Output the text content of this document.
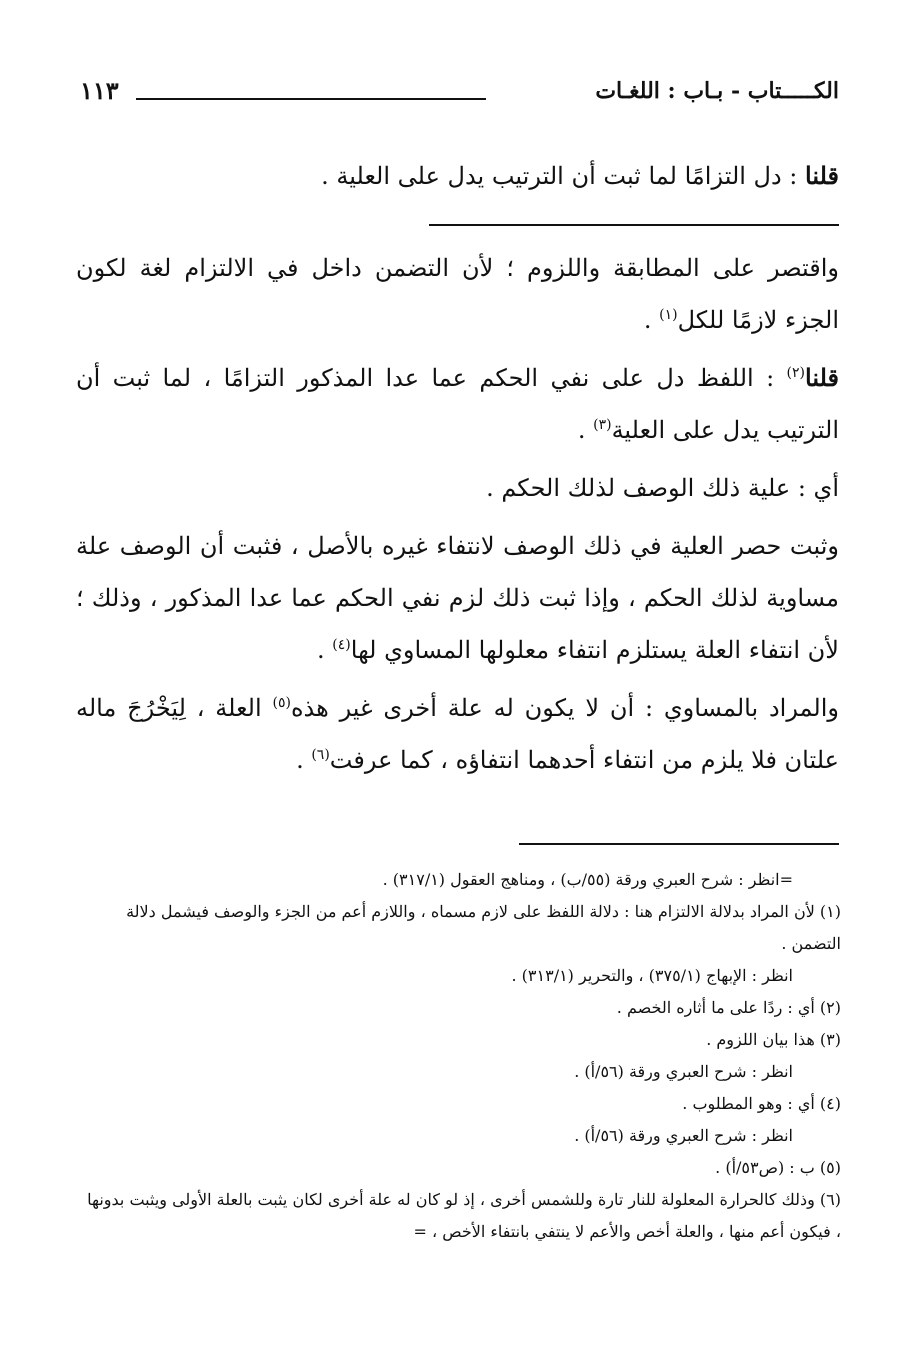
الكـــــتاب - بـاب : اللغـات
١١٣

قلنا : دل التزامًا لما ثبت أن الترتيب يدل على العلية .

واقتصر على المطابقة واللزوم ؛ لأن التضمن داخل في الالتزام لغة لكون الجزء لازمًا للكل$^{(١)}$ .

قلنا$^{(٢)}$ : اللفظ دل على نفي الحكم عما عدا المذكور التزامًا ، لما ثبت أن الترتيب يدل على العلية$^{(٣)}$ .

أي : علية ذلك الوصف لذلك الحكم .

وثبت حصر العلية في ذلك الوصف لانتفاء غيره بالأصل ، فثبت أن الوصف علة مساوية لذلك الحكم ، وإذا ثبت ذلك لزم نفي الحكم عما عدا المذكور ، وذلك ؛ لأن انتفاء العلة يستلزم انتفاء معلولها المساوي لها$^{(٤)}$ .

والمراد بالمساوي : أن لا يكون له علة أخرى غير هذه$^{(٥)}$ العلة ، لِيَخْرُجَ ماله علتان فلا يلزم من انتفاء أحدهما انتفاؤه ، كما عرفت$^{(٦)}$ .

=انظر : شرح العبري ورقة (٥٥/ب) ، ومناهج العقول (٣١٧/١) .
(١) لأن المراد بدلالة الالتزام هنا : دلالة اللفظ على لازم مسماه ، واللازم أعم من الجزء والوصف فيشمل دلالة التضمن .
انظر : الإبهاج (٣٧٥/١) ، والتحرير (٣١٣/١) .
(٢) أي : ردًا على ما أثاره الخصم .
(٣) هذا بيان اللزوم .
انظر : شرح العبري ورقة (٥٦/أ) .
(٤) أي : وهو المطلوب .
انظر : شرح العبري ورقة (٥٦/أ) .
(٥) ب : (ص٥٣/أ) .
(٦) وذلك كالحرارة المعلولة للنار تارة وللشمس أخرى ، إذ لو كان له علة أخرى لكان يثبت بالعلة الأولى ويثبت بدونها ، فيكون أعم منها ، والعلة أخص والأعم لا ينتفي بانتفاء الأخص ، =
